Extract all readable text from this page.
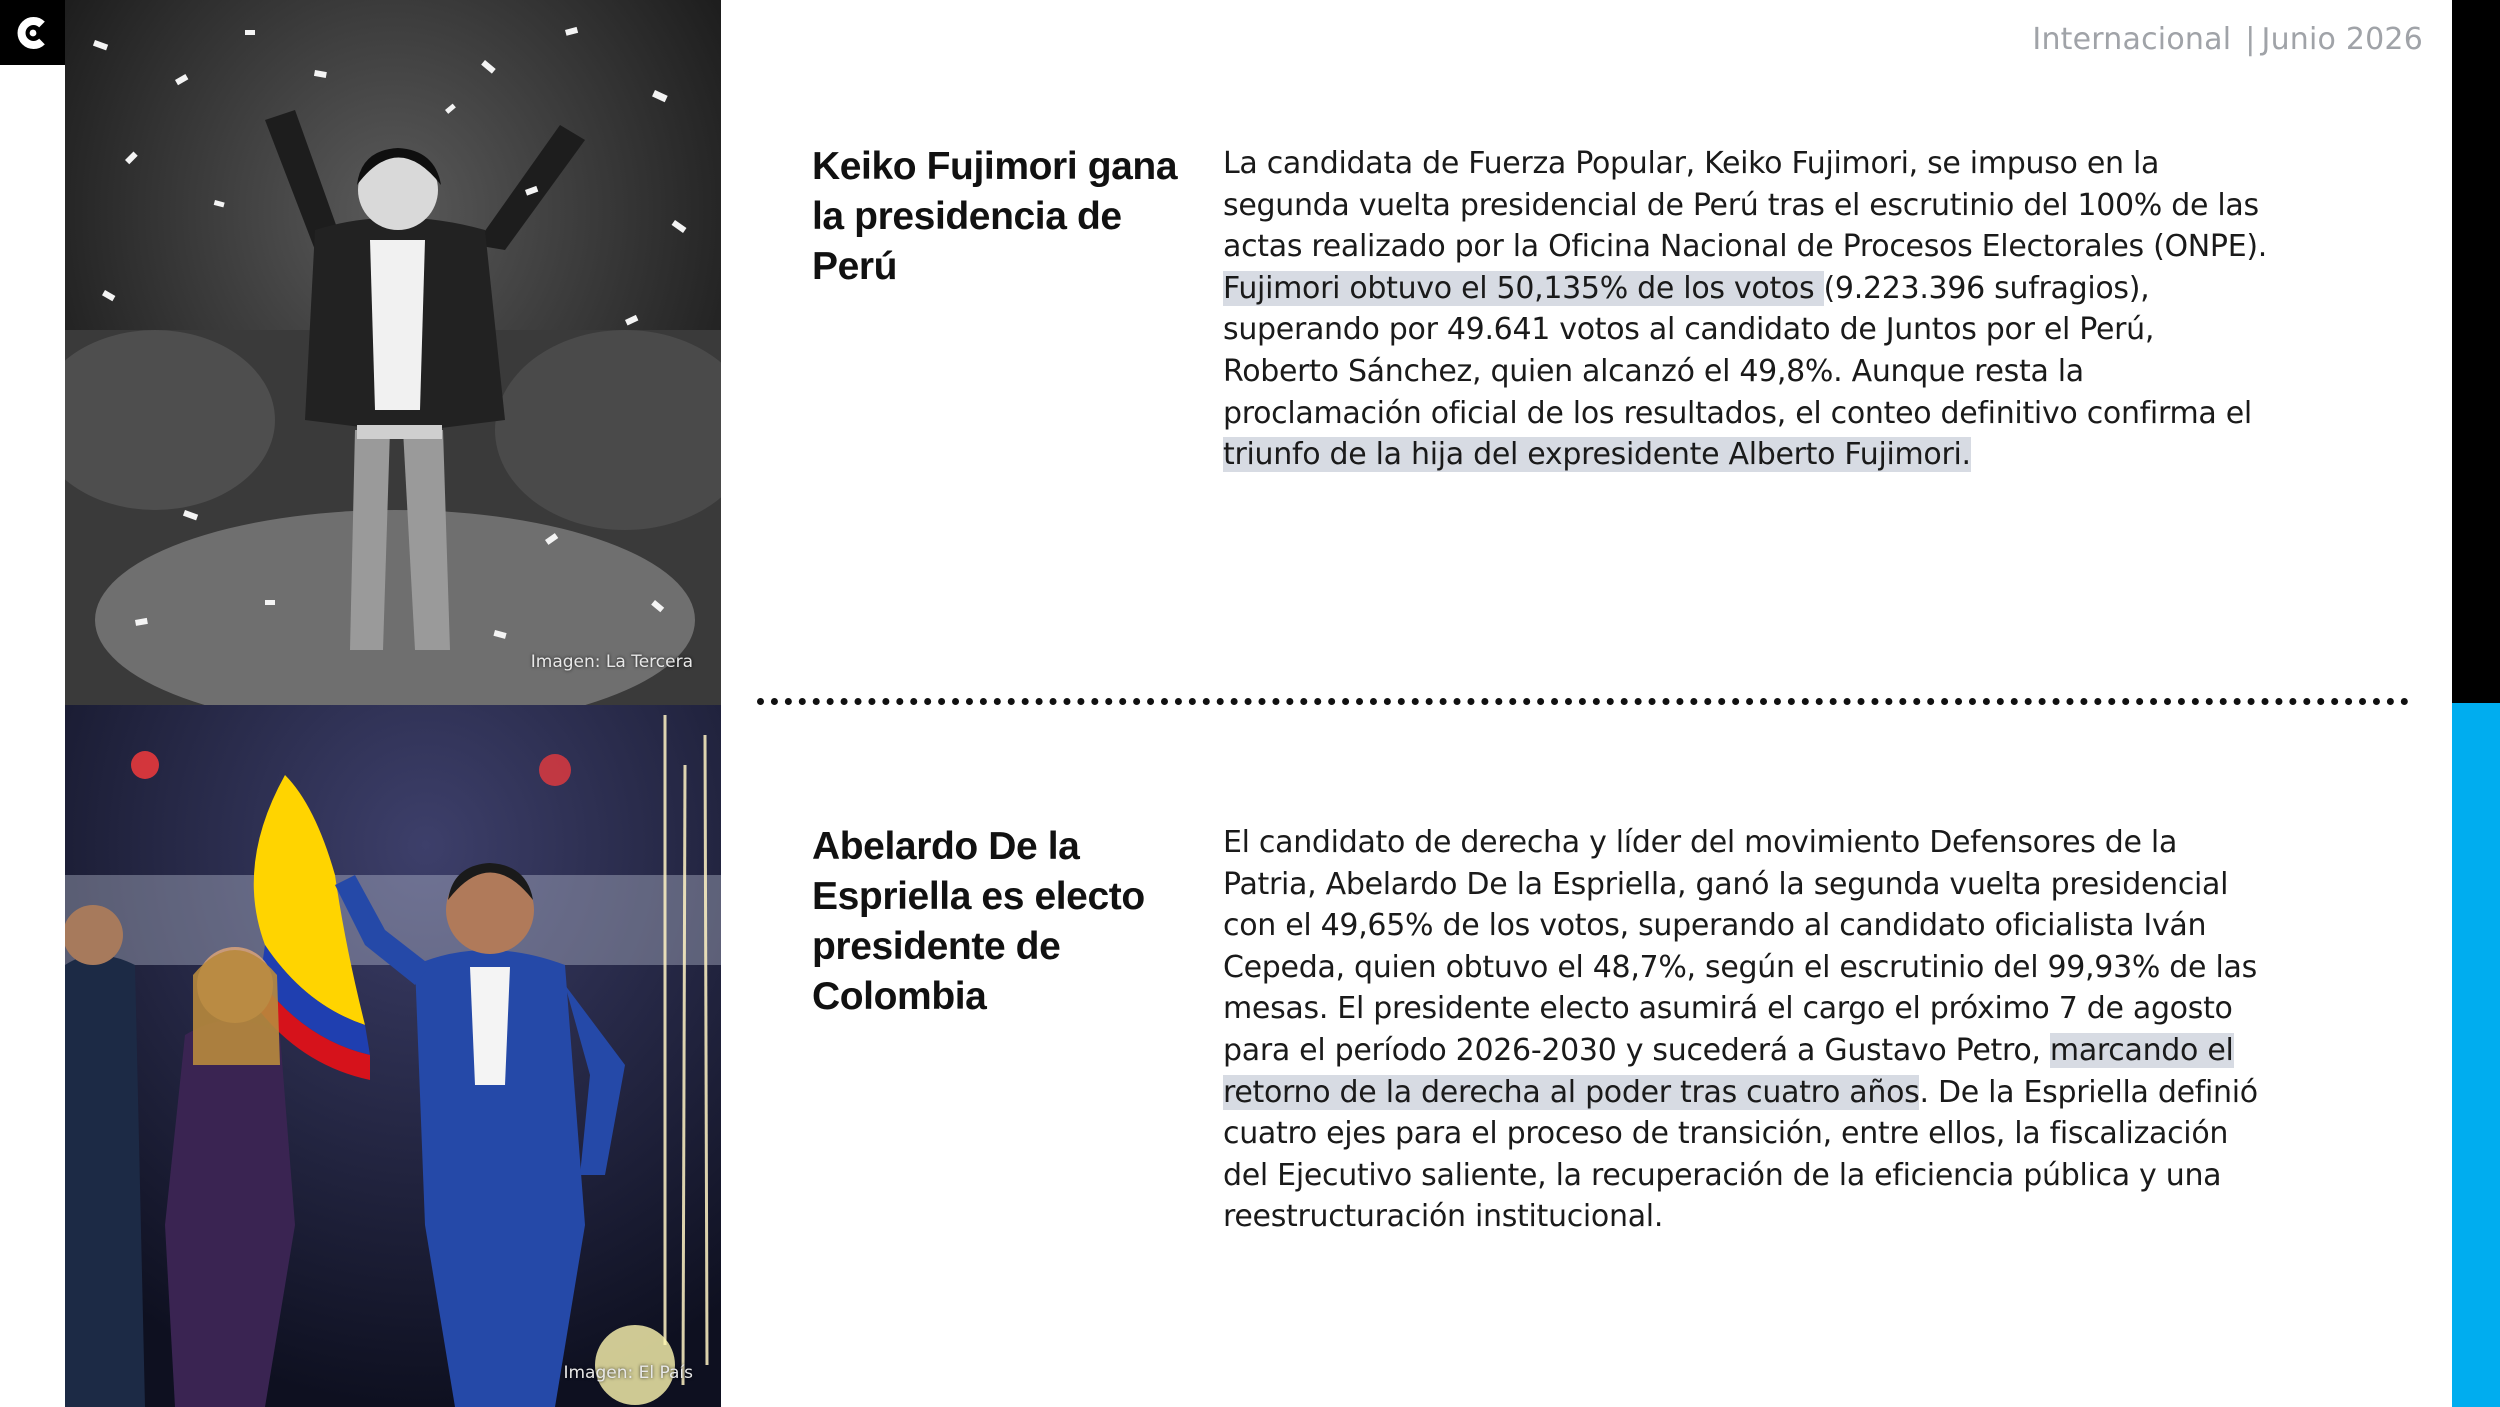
Imagen: La Tercera
Imagen: El País
Internacional | Junio 2026
Keiko Fujimori gana la presidencia de Perú

La candidata de Fuerza Popular, Keiko Fujimori, se impuso en la segunda vuelta presidencial de Perú tras el escrutinio del 100% de las actas realizado por la Oficina Nacional de Procesos Electorales (ONPE). Fujimori obtuvo el 50,135% de los votos (9.223.396 sufragios), superando por 49.641 votos al candidato de Juntos por el Perú, Roberto Sánchez, quien alcanzó el 49,8%. Aunque resta la proclamación oficial de los resultados, el conteo definitivo confirma el triunfo de la hija del expresidente Alberto Fujimori.

Abelardo De la Espriella es electo presidente de Colombia

El candidato de derecha y líder del movimiento Defensores de la Patria, Abelardo De la Espriella, ganó la segunda vuelta presidencial con el 49,65% de los votos, superando al candidato oficialista Iván Cepeda, quien obtuvo el 48,7%, según el escrutinio del 99,93% de las mesas. El presidente electo asumirá el cargo el próximo 7 de agosto para el período 2026-2030 y sucederá a Gustavo Petro, marcando el retorno de la derecha al poder tras cuatro años. De la Espriella definió cuatro ejes para el proceso de transición, entre ellos, la fiscalización del Ejecutivo saliente, la recuperación de la eficiencia pública y una reestructuración institucional.
